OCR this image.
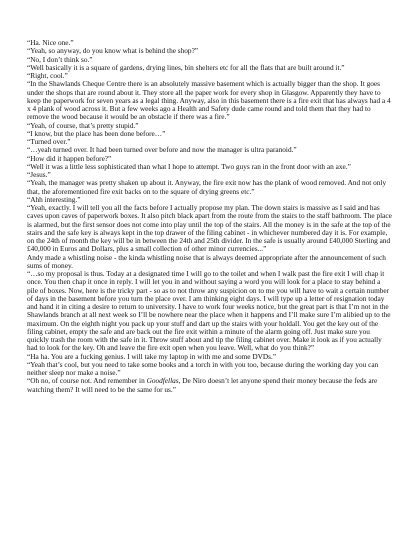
“Ha. Nice one.”

“Yeah, so anyway, do you know what is behind the shop?”

“No, I don’t think so.”

“Well basically it is a square of gardens, drying lines, bin shelters etc for all the flats that are built around it.”

“Right, cool.”

“In the Shawlands Cheque Centre there is an absolutely massive basement which is actually bigger than the shop. It goes under the shops that are round about it. They store all the paper work for every shop in Glasgow. Apparently they have to keep the paperwork for seven years as a legal thing. Anyway, also in this basement there is a fire exit that has always had a 4 x 4 plank of wood across it. But a few weeks ago a Health and Safety dude came round and told them that they had to remove the wood because it would be an obstacle if there was a fire.”

“Yeah, of course, that’s pretty stupid.”

“I know, but the place has been done before…”

“Turned over.”

“…yeah turned over. It had been turned over before and now the manager is ultra paranoid.”

“How did it happen before?”

“Well it was a little less sophisticated than what I hope to attempt. Two guys ran in the front door with an axe.”

“Jesus.”

“Yeah, the manager was pretty shaken up about it. Anyway, the fire exit now has the plank of wood removed. And not only that, the aforementioned fire exit backs on to the square of drying greens etc.”

“Ahh interesting.”

“Yeah, exactly. I will tell you all the facts before I actually propose my plan. The down stairs is massive as I said and has caves upon caves of paperwork boxes. It also pitch black apart from the route from the stairs to the staff bathroom. The place is alarmed, but the first sensor does not come into play until the top of the stairs. All the money is in the safe at the top of the stairs and the safe key is always kept in the top drawer of the filing cabinet - in whichever numbered day it is. For example, on the 24th of month the key will be in between the 24th and 25th divider. In the safe is usually around £40,000 Sterling and £40,000 in Euros and Dollars, plus a small collection of other minor currencies...”

Andy made a whistling noise - the kinda whistling noise that is always deemed appropriate after the announcement of such sums of money.

“…so my proposal is thus. Today at a designated time I will go to the toilet and when I walk past the fire exit I will chap it once. You then chap it once in reply. I will let you in and without saying a word you will look for a place to stay behind a pile of boxes. Now, here is the tricky part - so as to not throw any suspicion on to me you will have to wait a certain number of days in the basement before you turn the place over. I am thinking eight days. I will type up a letter of resignation today and hand it in citing a desire to return to university. I have to work four weeks notice, but the great part is that I’m not in the Shawlands branch at all next week so I’ll be nowhere near the place when it happens and I’ll make sure I’m alibied up to the maximum. On the eighth night you pack up your stuff and dart up the stairs with your holdall. You get the key out of the filing cabinet, empty the safe and are back out the fire exit within a minute of the alarm going off. Just make sure you quickly trash the room with the safe in it. Throw stuff about and tip the filing cabinet over. Make it look as if you actually had to look for the key. Oh and leave the fire exit open when you leave. Well, what do you think?”

“Ha ha. You are a fucking genius. I will take my laptop in with me and some DVDs.”

“Yeah that’s cool, but you need to take some books and a torch in with you too, because during the working day you can neither sleep nor make a noise.”

“Oh no, of course not. And remember in Goodfellas, De Niro doesn’t let anyone spend their money because the feds are watching them? It will need to be the same for us.”
